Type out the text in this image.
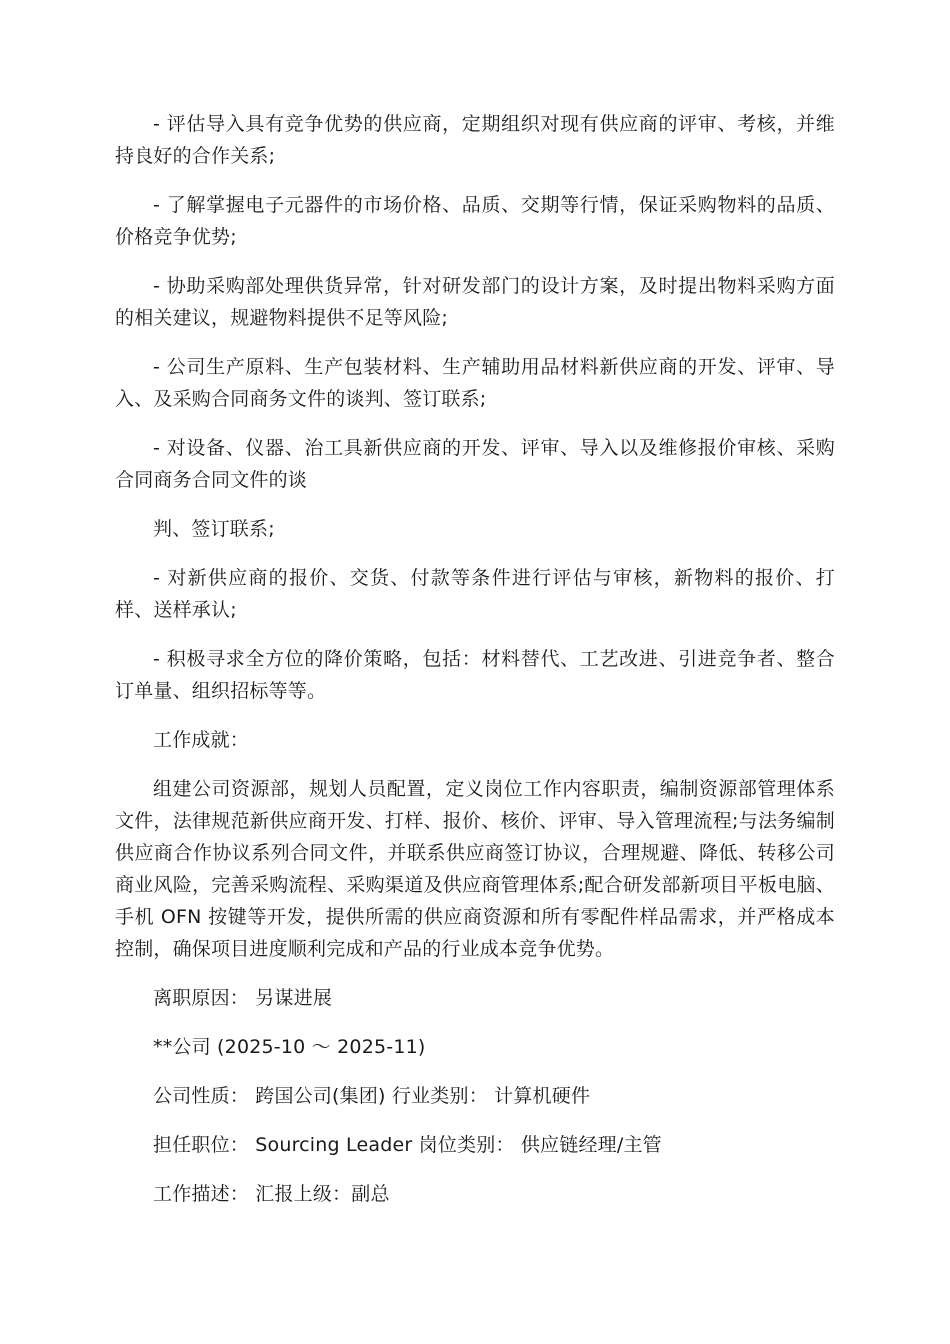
- 评估导入具有竞争优势的供应商，定期组织对现有供应商的评审、考核，并维持良好的合作关系;

- 了解掌握电子元器件的市场价格、品质、交期等行情，保证采购物料的品质、价格竞争优势;

- 协助采购部处理供货异常，针对研发部门的设计方案，及时提出物料采购方面的相关建议，规避物料提供不足等风险;

- 公司生产原料、生产包装材料、生产辅助用品材料新供应商的开发、评审、导入、及采购合同商务文件的谈判、签订联系;

- 对设备、仪器、治工具新供应商的开发、评审、导入以及维修报价审核、采购合同商务合同文件的谈

判、签订联系;

- 对新供应商的报价、交货、付款等条件进行评估与审核，新物料的报价、打样、送样承认;

- 积极寻求全方位的降价策略，包括：材料替代、工艺改进、引进竞争者、整合订单量、组织招标等等。

工作成就：

组建公司资源部，规划人员配置，定义岗位工作内容职责，编制资源部管理体系文件，法律规范新供应商开发、打样、报价、核价、评审、导入管理流程;与法务编制供应商合作协议系列合同文件，并联系供应商签订协议，合理规避、降低、转移公司商业风险，完善采购流程、采购渠道及供应商管理体系;配合研发部新项目平板电脑、手机 OFN 按键等开发，提供所需的供应商资源和所有零配件样品需求，并严格成本控制，确保项目进度顺利完成和产品的行业成本竞争优势。

离职原因： 另谋进展

**公司 (2025-10 ～ 2025-11)

公司性质： 跨国公司(集团) 行业类别： 计算机硬件

担任职位： Sourcing Leader 岗位类别： 供应链经理/主管

工作描述： 汇报上级：副总
